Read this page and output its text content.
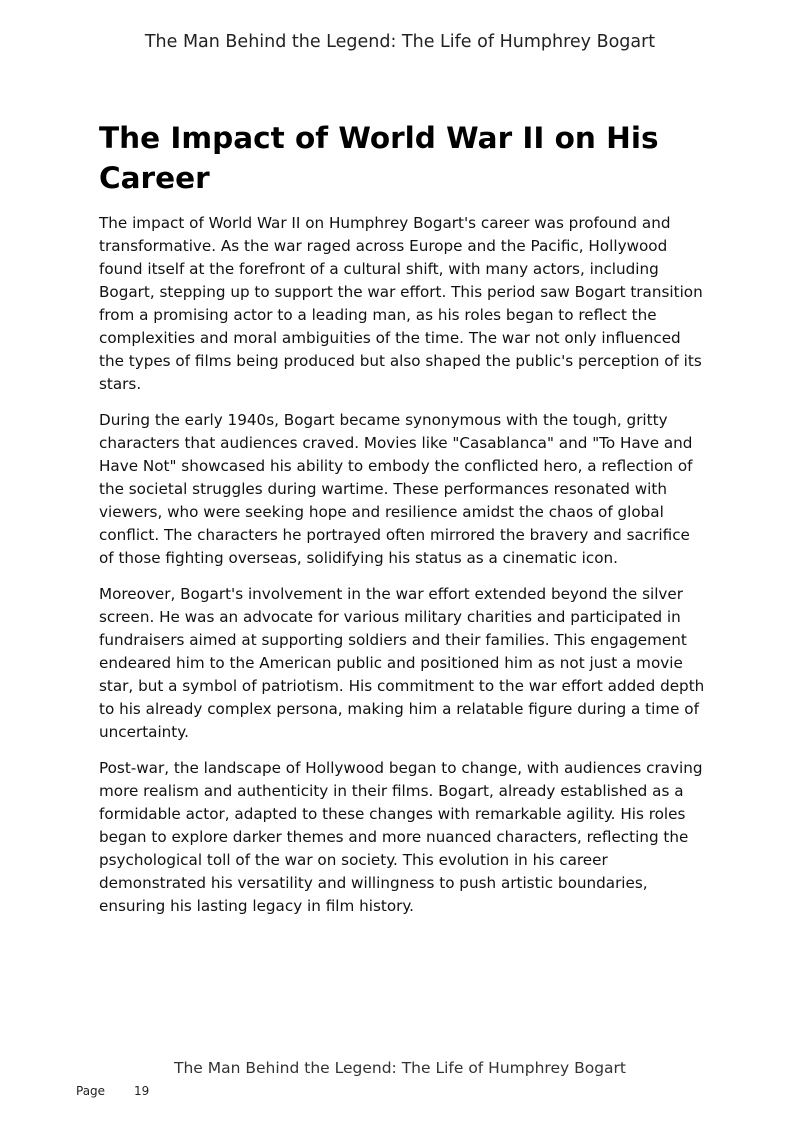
The Man Behind the Legend: The Life of Humphrey Bogart
The Impact of World War II on His Career

The impact of World War II on Humphrey Bogart's career was profound and transformative. As the war raged across Europe and the Pacific, Hollywood found itself at the forefront of a cultural shift, with many actors, including Bogart, stepping up to support the war effort. This period saw Bogart transition from a promising actor to a leading man, as his roles began to reflect the complexities and moral ambiguities of the time. The war not only influenced the types of films being produced but also shaped the public's perception of its stars.

During the early 1940s, Bogart became synonymous with the tough, gritty characters that audiences craved. Movies like "Casablanca" and "To Have and Have Not" showcased his ability to embody the conflicted hero, a reflection of the societal struggles during wartime. These performances resonated with viewers, who were seeking hope and resilience amidst the chaos of global conflict. The characters he portrayed often mirrored the bravery and sacrifice of those fighting overseas, solidifying his status as a cinematic icon.

Moreover, Bogart's involvement in the war effort extended beyond the silver screen. He was an advocate for various military charities and participated in fundraisers aimed at supporting soldiers and their families. This engagement endeared him to the American public and positioned him as not just a movie star, but a symbol of patriotism. His commitment to the war effort added depth to his already complex persona, making him a relatable figure during a time of uncertainty.

Post-war, the landscape of Hollywood began to change, with audiences craving more realism and authenticity in their films. Bogart, already established as a formidable actor, adapted to these changes with remarkable agility. His roles began to explore darker themes and more nuanced characters, reflecting the psychological toll of the war on society. This evolution in his career demonstrated his versatility and willingness to push artistic boundaries, ensuring his lasting legacy in film history.

The Man Behind the Legend: The Life of Humphrey Bogart
Page 19
